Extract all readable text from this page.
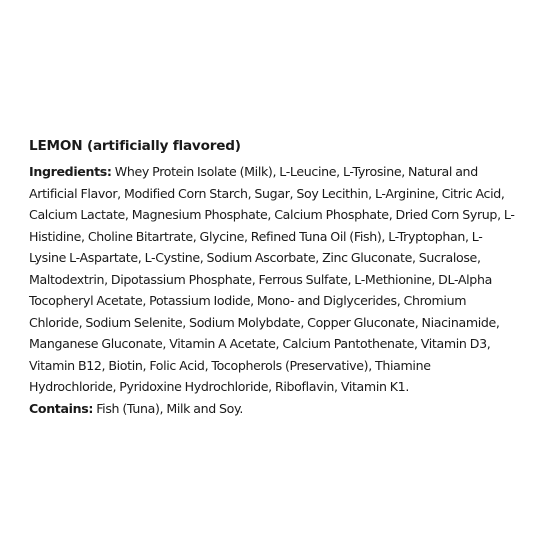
LEMON (artificially flavored)

Ingredients: Whey Protein Isolate (Milk), L-Leucine, L-Tyrosine, Natural and Artificial Flavor, Modified Corn Starch, Sugar, Soy Lecithin, L-Arginine, Citric Acid, Calcium Lactate, Magnesium Phosphate, Calcium Phosphate, Dried Corn Syrup, L-Histidine, Choline Bitartrate, Glycine, Refined Tuna Oil (Fish), L-Tryptophan, L-Lysine L-Aspartate, L-Cystine, Sodium Ascorbate, Zinc Gluconate, Sucralose, Maltodextrin, Dipotassium Phosphate, Ferrous Sulfate, L-Methionine, DL-Alpha Tocopheryl Acetate, Potassium Iodide, Mono- and Diglycerides, Chromium Chloride, Sodium Selenite, Sodium Molybdate, Copper Gluconate, Niacinamide, Manganese Gluconate, Vitamin A Acetate, Calcium Pantothenate, Vitamin D3, Vitamin B12, Biotin, Folic Acid, Tocopherols (Preservative), Thiamine Hydrochloride, Pyridoxine Hydrochloride, Riboflavin, Vitamin K1.
Contains: Fish (Tuna), Milk and Soy.
